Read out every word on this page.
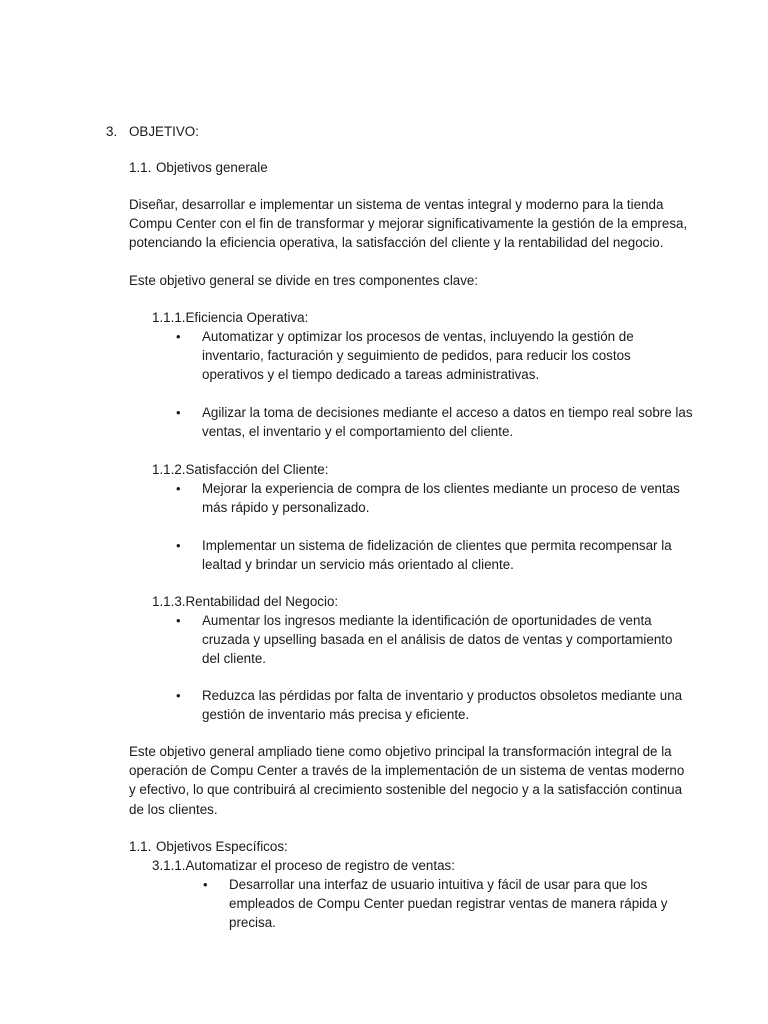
3. OBJETIVO:
1.1. Objetivos generale
Diseñar, desarrollar e implementar un sistema de ventas integral y moderno para la tienda
Compu Center con el fin de transformar y mejorar significativamente la gestión de la empresa,
potenciando la eficiencia operativa, la satisfacción del cliente y la rentabilidad del negocio.
Este objetivo general se divide en tres componentes clave:
1.1.1.Eficiencia Operativa:
• Automatizar y optimizar los procesos de ventas, incluyendo la gestión de
inventario, facturación y seguimiento de pedidos, para reducir los costos
operativos y el tiempo dedicado a tareas administrativas.
• Agilizar la toma de decisiones mediante el acceso a datos en tiempo real sobre las
ventas, el inventario y el comportamiento del cliente.
1.1.2.Satisfacción del Cliente:
• Mejorar la experiencia de compra de los clientes mediante un proceso de ventas
más rápido y personalizado.
• Implementar un sistema de fidelización de clientes que permita recompensar la
lealtad y brindar un servicio más orientado al cliente.
1.1.3.Rentabilidad del Negocio:
• Aumentar los ingresos mediante la identificación de oportunidades de venta
cruzada y upselling basada en el análisis de datos de ventas y comportamiento
del cliente.
• Reduzca las pérdidas por falta de inventario y productos obsoletos mediante una
gestión de inventario más precisa y eficiente.
Este objetivo general ampliado tiene como objetivo principal la transformación integral de la
operación de Compu Center a través de la implementación de un sistema de ventas moderno
y efectivo, lo que contribuirá al crecimiento sostenible del negocio y a la satisfacción continua
de los clientes.
1.1. Objetivos Específicos:
3.1.1.Automatizar el proceso de registro de ventas:
• Desarrollar una interfaz de usuario intuitiva y fácil de usar para que los
empleados de Compu Center puedan registrar ventas de manera rápida y
precisa.
